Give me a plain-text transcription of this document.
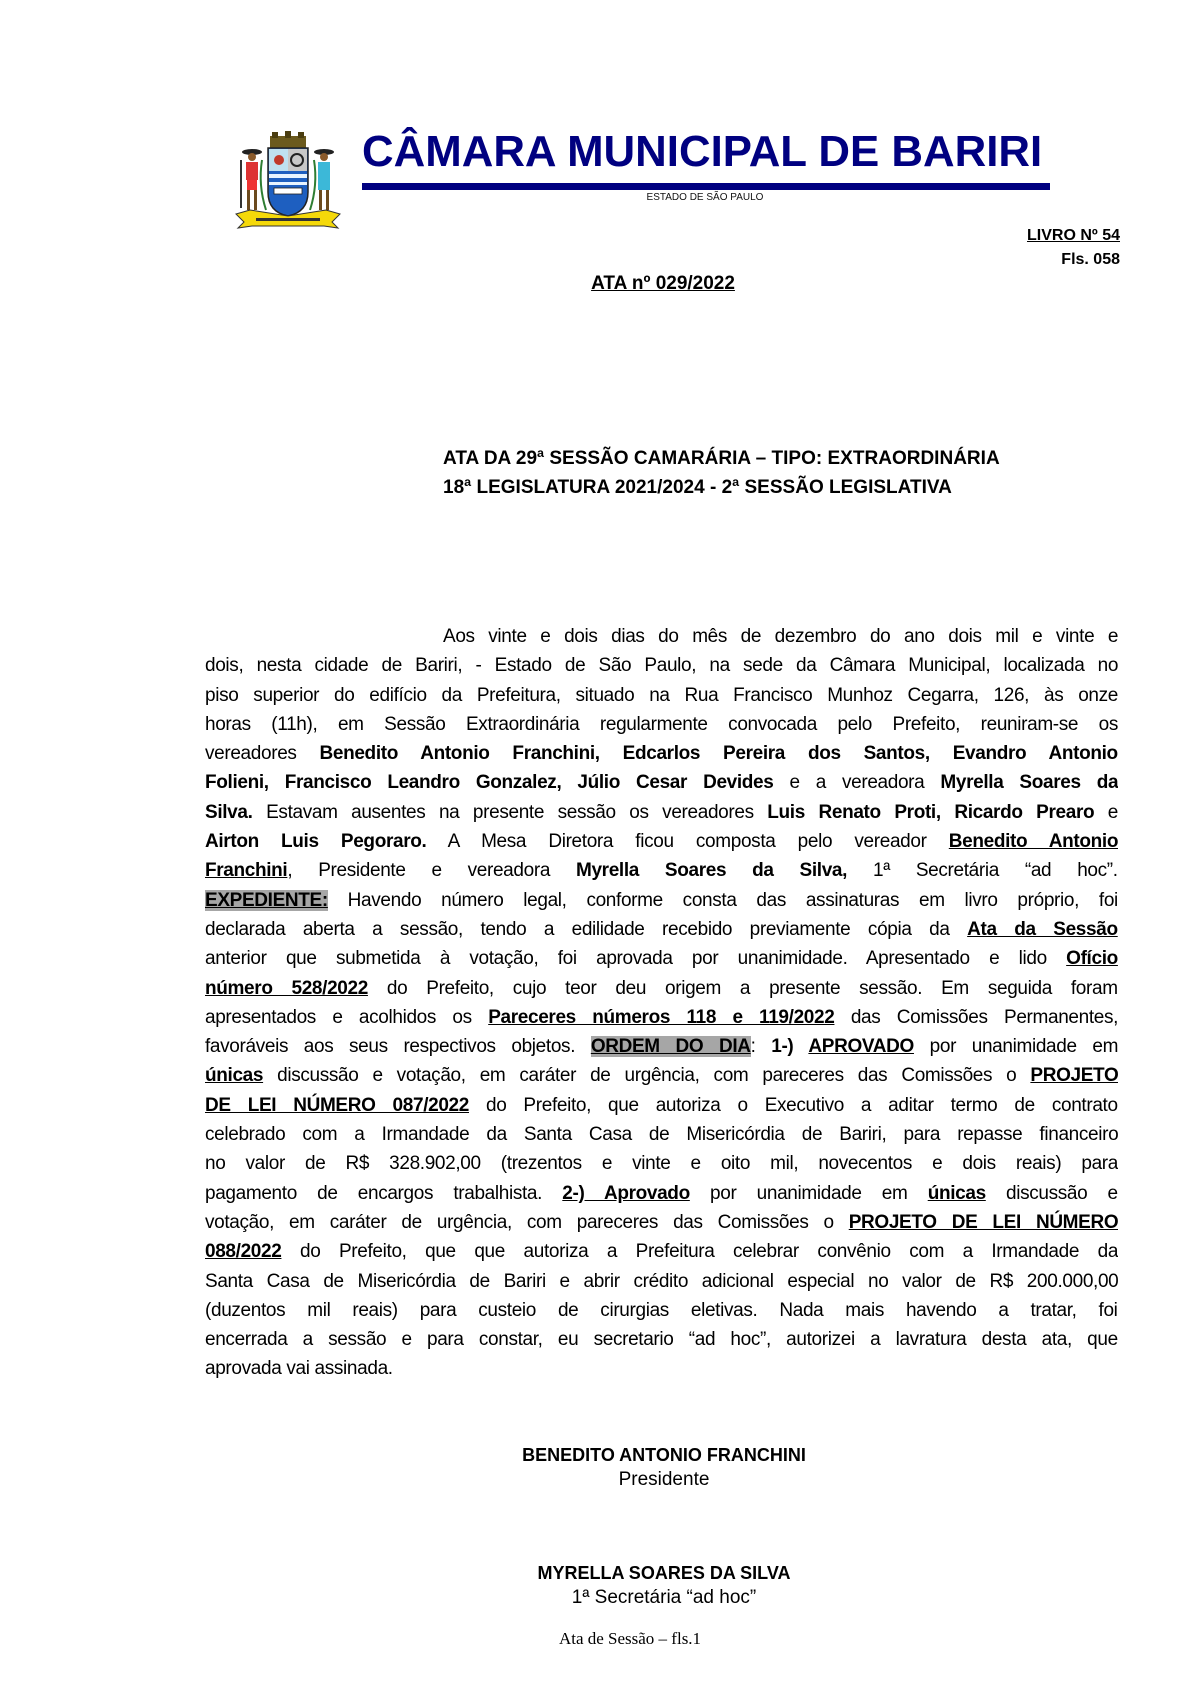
CÂMARA MUNICIPAL DE BARIRI
ESTADO DE SÃO PAULO
LIVRO Nº 54
Fls. 058
ATA nº 029/2022
ATA DA 29ª SESSÃO CAMARÁRIA – TIPO: EXTRAORDINÁRIA
18ª LEGISLATURA 2021/2024 - 2ª SESSÃO LEGISLATIVA
Aos vinte e dois dias do mês de dezembro do ano dois mil e vinte e
dois, nesta cidade de Bariri, - Estado de São Paulo, na sede da Câmara Municipal, localizada no
piso superior do edifício da Prefeitura, situado na Rua Francisco Munhoz Cegarra, 126, às onze
horas (11h), em Sessão Extraordinária regularmente convocada pelo Prefeito, reuniram-se os
vereadores Benedito Antonio Franchini, Edcarlos Pereira dos Santos, Evandro Antonio
Folieni, Francisco Leandro Gonzalez, Júlio Cesar Devides e a vereadora Myrella Soares da
Silva. Estavam ausentes na presente sessão os vereadores Luis Renato Proti, Ricardo Prearo e
Airton Luis Pegoraro. A Mesa Diretora ficou composta pelo vereador Benedito Antonio
Franchini, Presidente e vereadora Myrella Soares da Silva, 1ª Secretária “ad hoc”.
EXPEDIENTE: Havendo número legal, conforme consta das assinaturas em livro próprio, foi
declarada aberta a sessão, tendo a edilidade recebido previamente cópia da Ata da Sessão
anterior que submetida à votação, foi aprovada por unanimidade. Apresentado e lido Ofício
número 528/2022 do Prefeito, cujo teor deu origem a presente sessão. Em seguida foram
apresentados e acolhidos os Pareceres números 118 e 119/2022 das Comissões Permanentes,
favoráveis aos seus respectivos objetos. ORDEM DO DIA: 1-) APROVADO por unanimidade em
únicas discussão e votação, em caráter de urgência, com pareceres das Comissões o PROJETO
DE LEI NÚMERO 087/2022 do Prefeito, que autoriza o Executivo a aditar termo de contrato
celebrado com a Irmandade da Santa Casa de Misericórdia de Bariri, para repasse financeiro
no valor de R$ 328.902,00 (trezentos e vinte e oito mil, novecentos e dois reais) para
pagamento de encargos trabalhista. 2-) Aprovado por unanimidade em únicas discussão e
votação, em caráter de urgência, com pareceres das Comissões o PROJETO DE LEI NÚMERO
088/2022 do Prefeito, que que autoriza a Prefeitura celebrar convênio com a Irmandade da
Santa Casa de Misericórdia de Bariri e abrir crédito adicional especial no valor de R$ 200.000,00
(duzentos mil reais) para custeio de cirurgias eletivas. Nada mais havendo a tratar, foi
encerrada a sessão e para constar, eu secretario “ad hoc”, autorizei a lavratura desta ata, que
aprovada vai assinada.
BENEDITO ANTONIO FRANCHINI
Presidente
MYRELLA SOARES DA SILVA
1ª Secretária “ad hoc”
Ata de Sessão – fls.1
